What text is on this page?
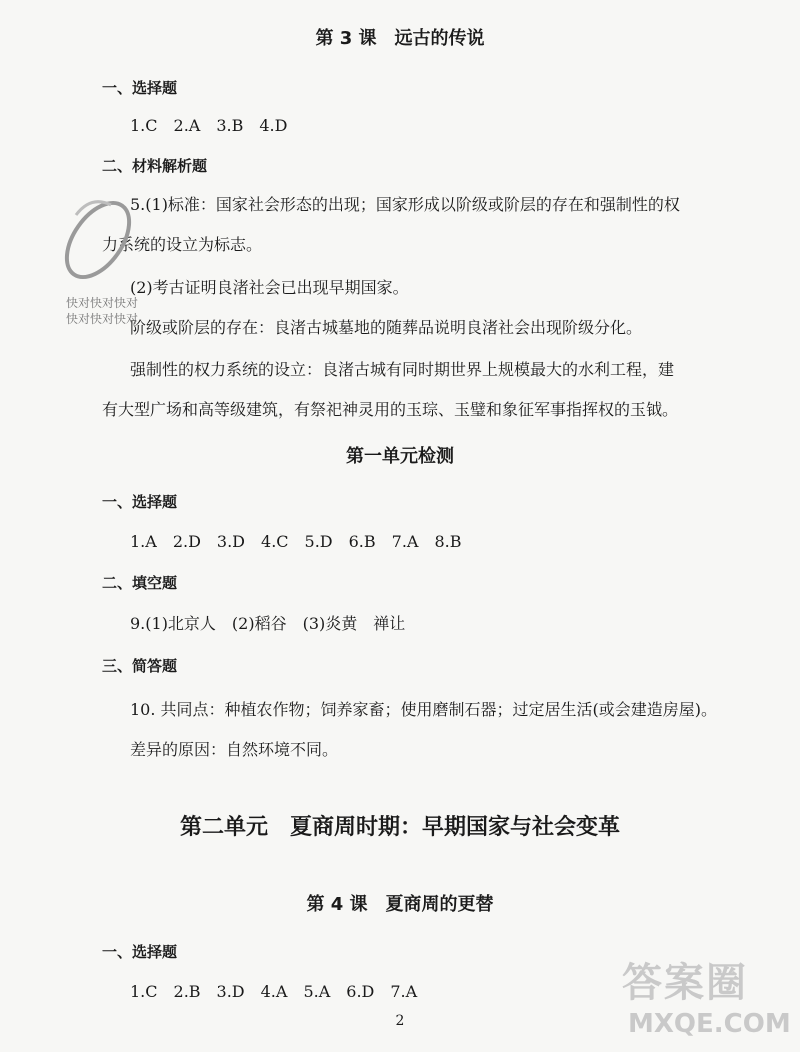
第 3 课　远古的传说
一、选择题
1.C　2.A　3.B　4.D
二、材料解析题
5.(1)标准：国家社会形态的出现；国家形成以阶级或阶层的存在和强制性的权
力系统的设立为标志。
(2)考古证明良渚社会已出现早期国家。
阶级或阶层的存在：良渚古城墓地的随葬品说明良渚社会出现阶级分化。
强制性的权力系统的设立：良渚古城有同时期世界上规模最大的水利工程，建
有大型广场和高等级建筑，有祭祀神灵用的玉琮、玉璧和象征军事指挥权的玉钺。
第一单元检测
一、选择题
1.A　2.D　3.D　4.C　5.D　6.B　7.A　8.B
二、填空题
9.(1)北京人　(2)稻谷　(3)炎黄　禅让
三、简答题
10. 共同点：种植农作物；饲养家畜；使用磨制石器；过定居生活(或会建造房屋)。
差异的原因：自然环境不同。
第二单元　夏商周时期：早期国家与社会变革
第 4 课　夏商周的更替
一、选择题
1.C　2.B　3.D　4.A　5.A　6.D　7.A
2
快对快对快对
快对快对快对
答案圈
MXQE.COM
